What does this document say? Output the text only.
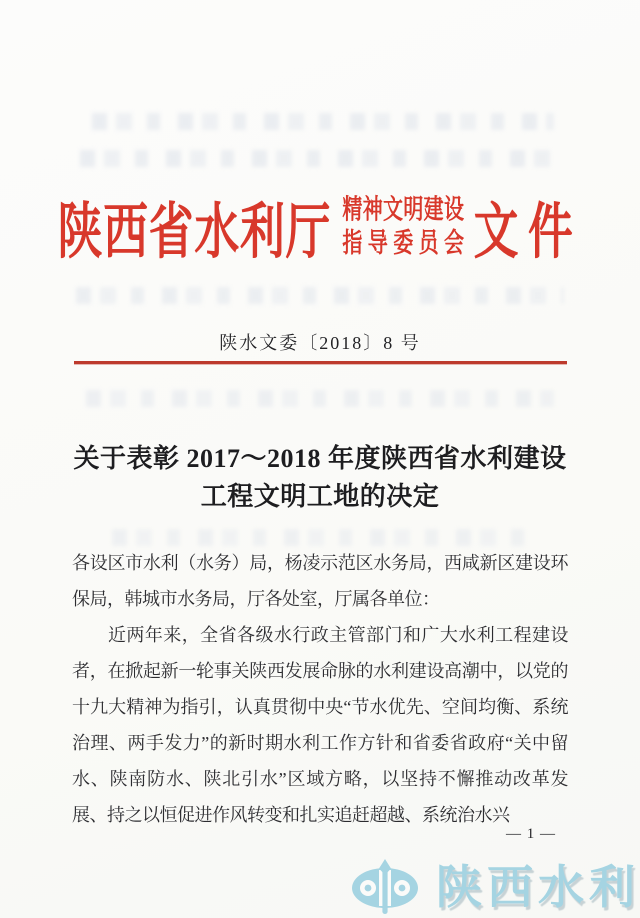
陕西省水利厅 精神文明建设
指导委员会 文件
陕水文委〔2018〕8 号
关于表彰 2017～2018 年度陕西省水利建设
工程文明工地的决定

各设区市水利（水务）局，杨凌示范区水务局，西咸新区建设环保局，韩城市水务局，厅各处室，厅属各单位：

近两年来，全省各级水行政主管部门和广大水利工程建设者，在掀起新一轮事关陕西发展命脉的水利建设高潮中，以党的十九大精神为指引，认真贯彻中央“节水优先、空间均衡、系统治理、两手发力”的新时期水利工作方针和省委省政府“关中留水、陕南防水、陕北引水”区域方略，以坚持不懈推动改革发展、持之以恒促进作风转变和扎实追赶超越、系统治水兴

— 1 —
陕西水利
